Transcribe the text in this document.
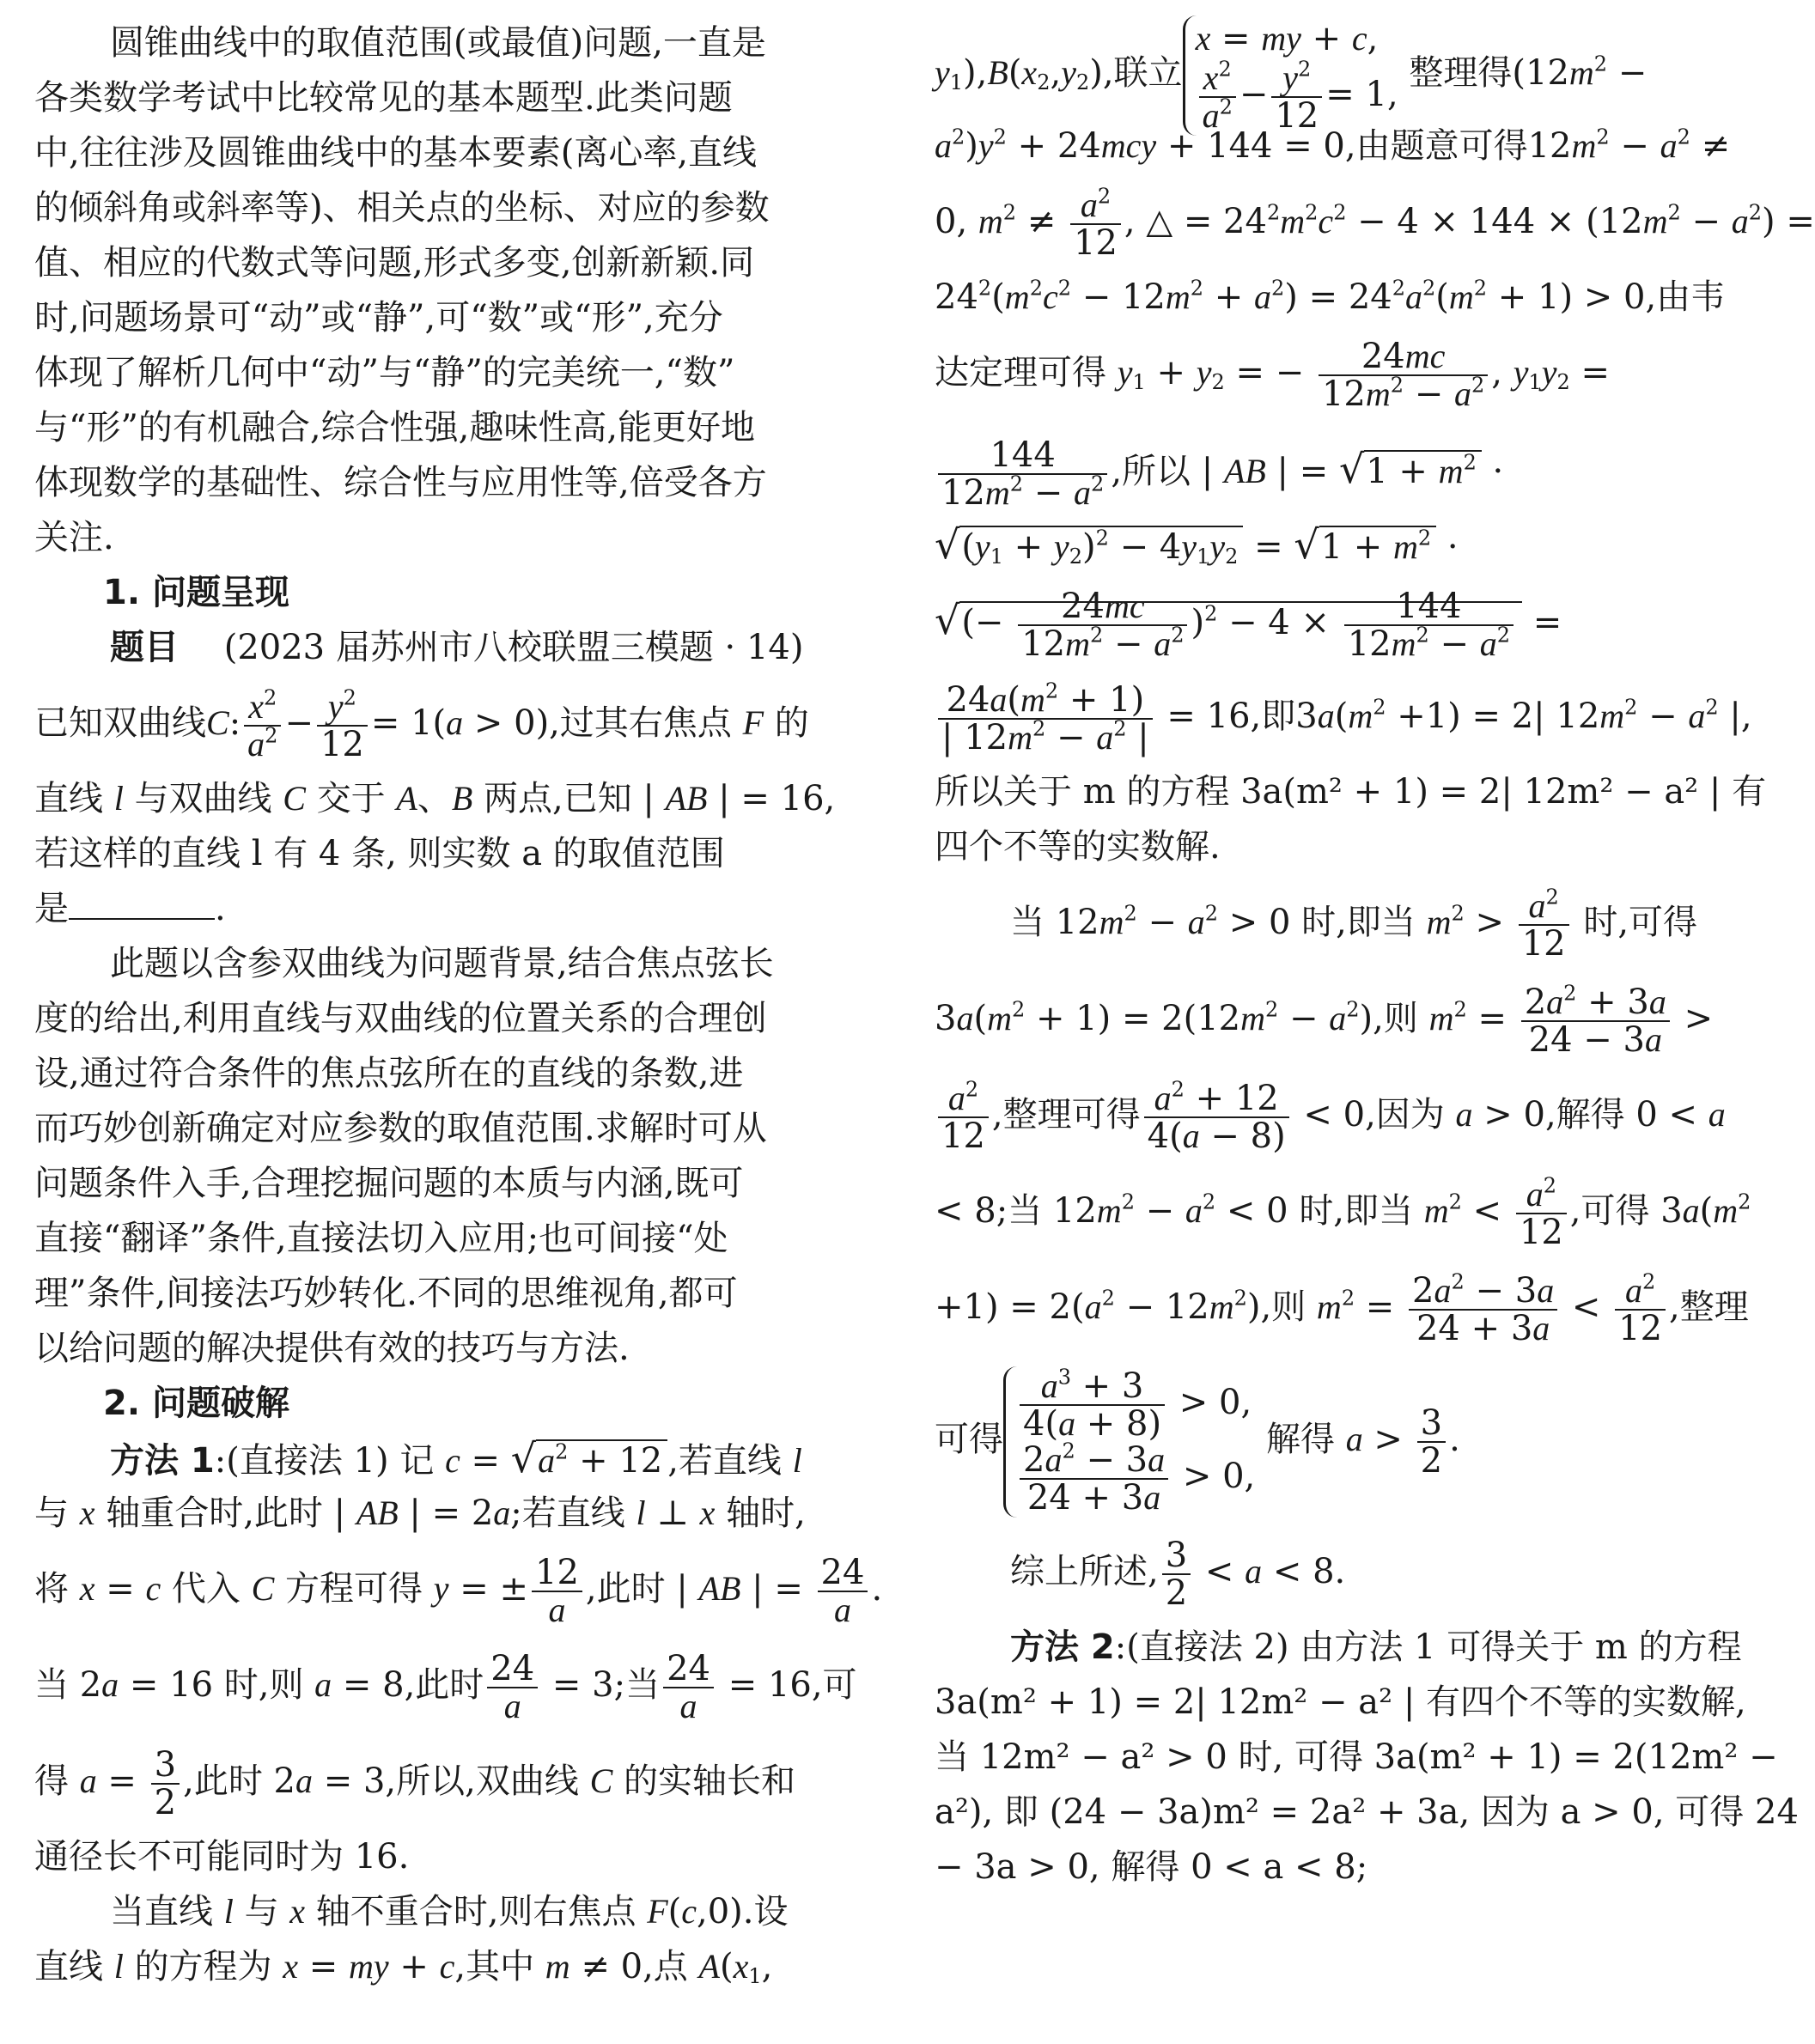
圆锥曲线中的取值范围(或最值)问题,一直是
各类数学考试中比较常见的基本题型.此类问题
中,往往涉及圆锥曲线中的基本要素(离心率,直线
的倾斜角或斜率等)、相关点的坐标、对应的参数
值、相应的代数式等问题,形式多变,创新新颖.同
时,问题场景可“动”或“静”,可“数”或“形”,充分
体现了解析几何中“动”与“静”的完美统一,“数”
与“形”的有机融合,综合性强,趣味性高,能更好地
体现数学的基础性、综合性与应用性等,倍受各方
关注.
1. 问题呈现
题目 (2023 届苏州市八校联盟三模题 · 14)
已知双曲线C: $\frac{x^2}{a^2} - \frac{y^2}{12} = 1(a > 0)$,过其右焦点 F 的
直线 l 与双曲线 C 交于 A、B 两点,已知 | AB | = 16,
若这样的直线 l 有 4 条, 则实数 a 的取值范围
是	.
此题以含参双曲线为问题背景,结合焦点弦长
度的给出,利用直线与双曲线的位置关系的合理创
设,通过符合条件的焦点弦所在的直线的条数,进
而巧妙创新确定对应参数的取值范围.求解时可从
问题条件入手,合理挖掘问题的本质与内涵,既可
直接“翻译”条件,直接法切入应用;也可间接“处
理”条件,间接法巧妙转化.不同的思维视角,都可
以给问题的解决提供有效的技巧与方法.
2. 问题破解
方法 1:(直接法 1) 记 $c = √a^2 + 12$ ,若直线 l
与 x 轴重合时,此时 | AB | = 2a;若直线 l ⊥ x 轴时,
将 x = c 代入 C 方程可得 y = ± $\frac{12}{a}$ ,此时 | AB | = $\frac{24}{a}$ .
当 2a = 16 时,则 a = 8,此时 $\frac{24}{a} = 3$;当 $\frac{24}{a} = 16$,可
得 $a = \frac{3}{2}$ ,此时 2a = 3,所以,双曲线 C 的实轴长和
通径长不可能同时为 16.
当直线 l 与 x 轴不重合时,则右焦点 F(c,0).设
直线 l 的方程为 x = my + c,其中 m ≠ 0,点 $A(x_1$,
$y_1),B(x_2,y_2)$,联立
x = my + c,
$\frac{x^2}{a^2} - \frac{y^2}{12} = 1$,
整理得($12m^2$ −
$a^2)y^2 + 24mcy + 144 = 0$,由题意可得$12m^2 - a^2$ ≠
0, $m^2 \ne \frac{a^2}{12}$ , △ = $24^2m^2c^2 - 4 \times 144 \times (12m^2 - a^2)$ =
$24^2(m^2c^2 - 12m^2 + a^2) = 24^2a^2(m^2 + 1) > 0$,由韦
达定理可得 $y_1 + y_2$ = − $\frac{24mc}{12m^2 - a^2}$ , $y_1y_2$ =
$\frac{144}{12m^2 - a^2}$ ,所以 | AB | = $√1 + m^2$ ·
$√(y_1 + y_2)^2 - 4y_1y_2 = √1 + m^2$ ·
√(− $\frac{24mc}{12m^2 - a^2} )^2 - 4 \times \frac{144}{12m^2 - a^2}$ =
$\frac{24a(m^2 + 1)}{| 12m^2 - a^2 |} = 16$,即$3a(m^2 +1) = 2|$ $12m^2 - a^2$ |,
所以关于 m 的方程 3a(m² + 1) = 2| 12m² − a² | 有
四个不等的实数解.
当 $12m^2 - a^2 > 0$ 时,即当 $m^2 > \frac{a^2}{12}$ 时,可得
$3a(m^2 + 1) = 2(12m^2 - a^2)$,则 $m^2 = \frac{2a^2 + 3a}{24 - 3a}$ >
$\frac{a^2}{12}$ ,整理可得 $\frac{a^2 + 12}{4(a - 8)} < 0$,因为 a > 0,解得 0 < a
< 8;当 $12m^2 - a^2 < 0$ 时,即当 $m^2 < \frac{a^2}{12}$ ,可得 $3a(m^2$
$+1) = 2(a^2 - 12m^2)$,则 $m^2 = \frac{2a^2 - 3a}{24 + 3a} < \frac{a^2}{12}$ ,整理
可得 $\frac{a^3 + 3}{4(a + 8)} > 0$,
$\frac{2a^2 - 3a}{24 + 3a} > 0$,
解得 $a > \frac{3}{2}$ .
综上所述, $\frac{3}{2} < a < 8$.
方法 2:(直接法 2) 由方法 1 可得关于 m 的方程
3a(m² + 1) = 2| 12m² − a² | 有四个不等的实数解,
当 12m² − a² > 0 时, 可得 3a(m² + 1) = 2(12m² −
a²), 即 (24 − 3a)m² = 2a² + 3a, 因为 a > 0, 可得 24
− 3a > 0, 解得 0 < a < 8;
